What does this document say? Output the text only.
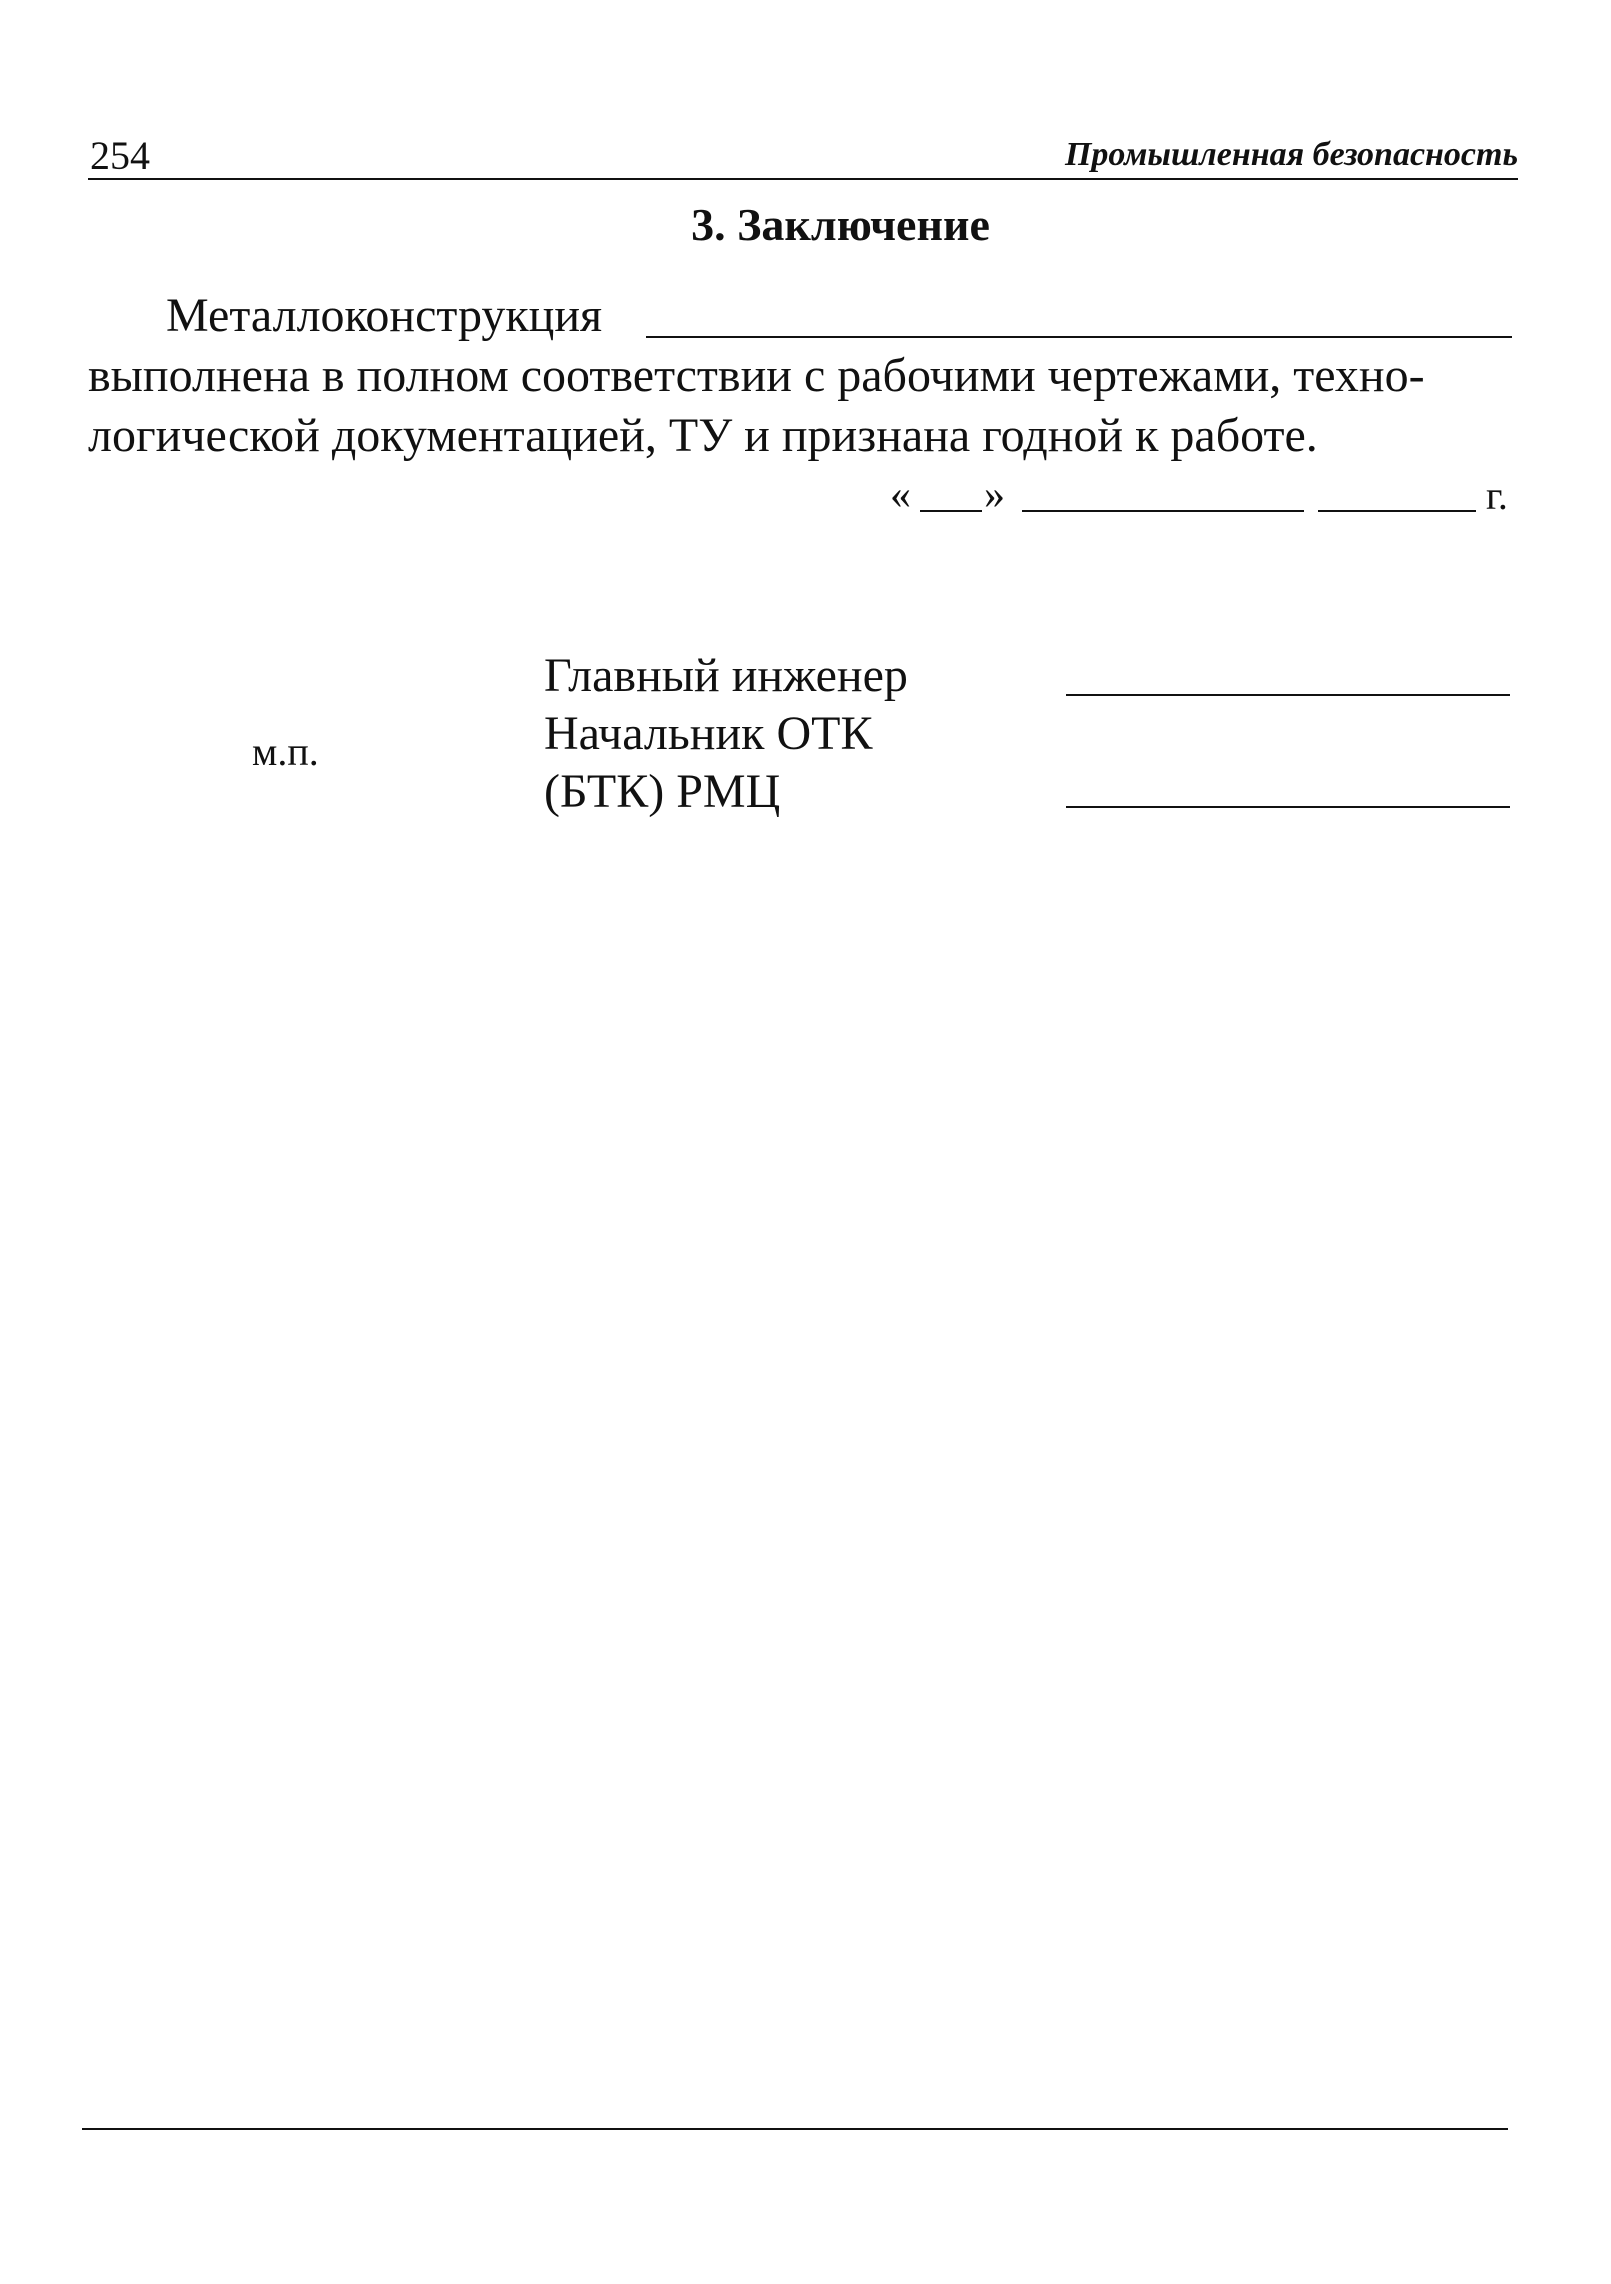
254	Промышленная безопасность
3. Заключение
Металлоконструкция
выполнена в полном соответствии с рабочими чертежами, техно-
логической документацией, ТУ и признана годной к работе.
« »	г.
м.п.
Главный инженер
Начальник ОТК
(БТК) РМЦ
